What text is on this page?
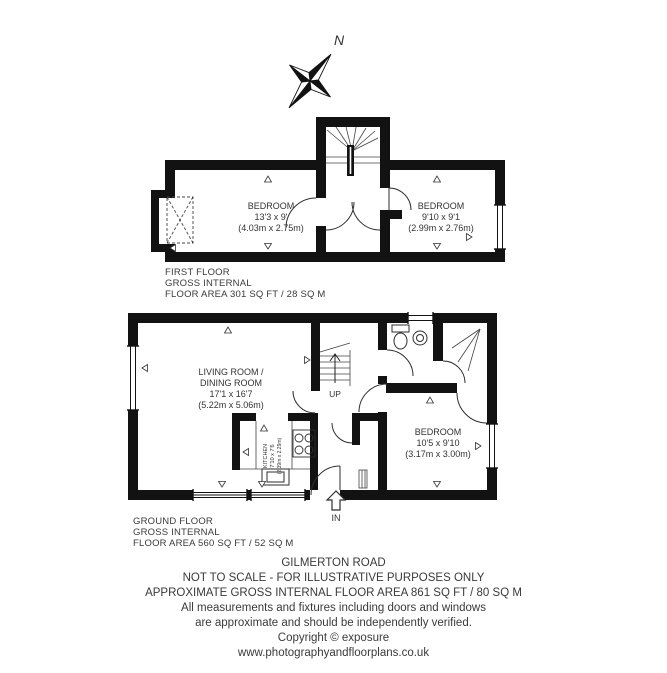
N
BEDROOM
13'3 x 9'
(4.03m x 2.75m)
BEDROOM
9'10 x 9'1
(2.99m x 2.76m)
LIVING ROOM /
DINING ROOM
17'1 x 16'7
(5.22m x 5.06m)
BEDROOM
10'5 x 9'10
(3.17m x 3.00m)
UP
IN
KITCHEN 7'10 x 7'6 (2.39m x 2.29m)
FIRST FLOOR
GROSS INTERNAL
FLOOR AREA 301 SQ FT / 28 SQ M
GROUND FLOOR
GROSS INTERNAL
FLOOR AREA 560 SQ FT / 52 SQ M
GILMERTON ROAD
NOT TO SCALE - FOR ILLUSTRATIVE PURPOSES ONLY
APPROXIMATE GROSS INTERNAL FLOOR AREA 861 SQ FT / 80 SQ M
All measurements and fixtures including doors and windows
are approximate and should be independently verified.
Copyright © exposure
www.photographyandfloorplans.co.uk
